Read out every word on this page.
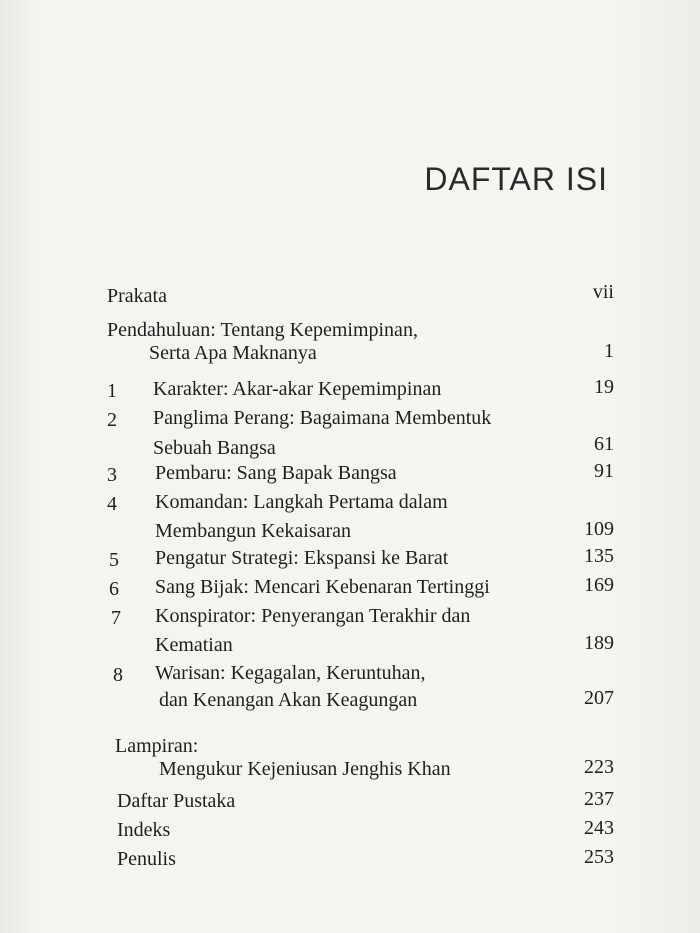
DAFTAR ISI
Prakata	vii
Pendahuluan: Tentang Kepemimpinan,
Serta Apa Maknanya	1
1 Karakter: Akar-akar Kepemimpinan	19
2 Panglima Perang: Bagaimana Membentuk
Sebuah Bangsa	61
3 Pembaru: Sang Bapak Bangsa	91
4 Komandan: Langkah Pertama dalam
Membangun Kekaisaran	109
5 Pengatur Strategi: Ekspansi ke Barat	135
6 Sang Bijak: Mencari Kebenaran Tertinggi	169
7 Konspirator: Penyerangan Terakhir dan
Kematian	189
8 Warisan: Kegagalan, Keruntuhan,
dan Kenangan Akan Keagungan	207
Lampiran:
Mengukur Kejeniusan Jenghis Khan	223
Daftar Pustaka	237
Indeks	243
Penulis	253
